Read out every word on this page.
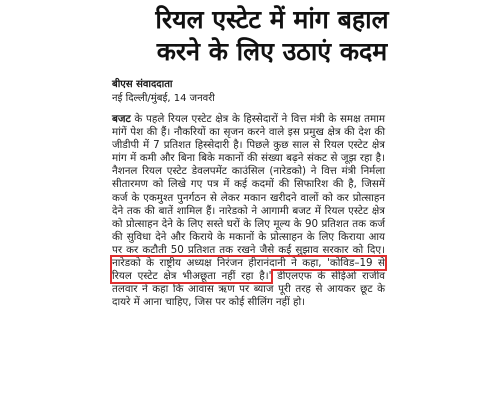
रियल एस्टेट में मांग बहाल
करने के लिए उठाएं कदम
बीएस संवाददाता
नई दिल्ली/मुंबई, 14 जनवरी

बजट के पहले रियल एस्टेट क्षेत्र के हिस्सेदारों ने वित्त मंत्री के समक्ष तमाम मांगें पेश की हैं। नौकरियों का सृजन करने वाले इस प्रमुख क्षेत्र की देश की जीडीपी में 7 प्रतिशत हिस्सेदारी है। पिछले कुछ साल से रियल एस्टेट क्षेत्र मांग में कमी और बिना बिके मकानों की संख्या बढ़ने संकट से जूझ रहा है। नैशनल रियल एस्टेट डेवलपमेंट काउंसिल (नारेडको) ने वित्त मंत्री निर्मला सीतारमण को लिखे गए पत्र में कई कदमों की सिफारिश की है, जिसमें कर्ज के एकमुश्त पुनर्गठन से लेकर मकान खरीदने वालों को कर प्रोत्साहन देने तक की बातें शामिल हैं। नारेडको ने आगामी बजट में रियल एस्टेट क्षेत्र को प्रोत्साहन देने के लिए सस्ते घरों के लिए मूल्य के 90 प्रतिशत तक कर्ज की सुविधा देने और किराये के मकानों के प्रोत्साहन के लिए किराया आय पर कर कटौती 50 प्रतिशत तक रखने जैसे कई सुझाव सरकार को दिए। नारेडको के राष्ट्रीय अध्यक्ष निरंजन हीरानंदानी ने कहा, 'कोविड–19 से रियल एस्टेट क्षेत्र भीअछूता नहीं रहा है।' डीएलएफ के सीईओ राजीव तलवार ने कहा कि आवास ऋण पर ब्याज पूरी तरह से आयकर छूट के दायरे में आना चाहिए, जिस पर कोई सीलिंग नहीं हो।
